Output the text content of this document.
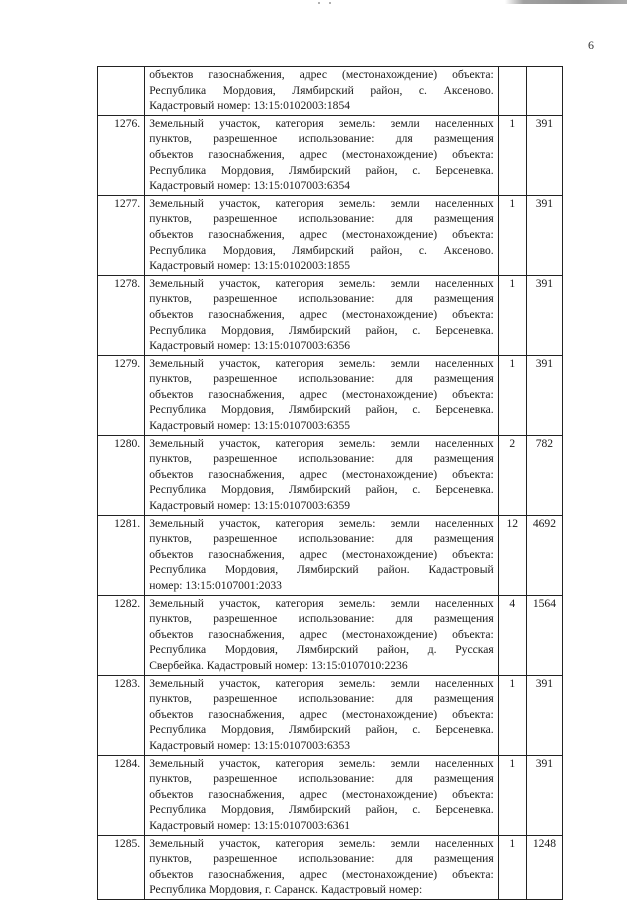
6

	объектов газоснабжения, адрес (местонахождение) объекта:
Республика Мордовия, Лямбирский район, с. Аксеново.
Кадастровый номер: 13:15:0102003:1854		

1276.	Земельный участок, категория земель: земли населенных
пунктов, разрешенное использование: для размещения
объектов газоснабжения, адрес (местонахождение) объекта:
Республика Мордовия, Лямбирский район, с. Берсеневка.
Кадастровый номер: 13:15:0107003:6354	1	391
1277.	Земельный участок, категория земель: земли населенных
пунктов, разрешенное использование: для размещения
объектов газоснабжения, адрес (местонахождение) объекта:
Республика Мордовия, Лямбирский район, с. Аксеново.
Кадастровый номер: 13:15:0102003:1855	1	391
1278.	Земельный участок, категория земель: земли населенных
пунктов, разрешенное использование: для размещения
объектов газоснабжения, адрес (местонахождение) объекта:
Республика Мордовия, Лямбирский район, с. Берсеневка.
Кадастровый номер: 13:15:0107003:6356	1	391
1279.	Земельный участок, категория земель: земли населенных
пунктов, разрешенное использование: для размещения
объектов газоснабжения, адрес (местонахождение) объекта:
Республика Мордовия, Лямбирский район, с. Берсеневка.
Кадастровый номер: 13:15:0107003:6355	1	391
1280.	Земельный участок, категория земель: земли населенных
пунктов, разрешенное использование: для размещения
объектов газоснабжения, адрес (местонахождение) объекта:
Республика Мордовия, Лямбирский район, с. Берсеневка.
Кадастровый номер: 13:15:0107003:6359	2	782
1281.	Земельный участок, категория земель: земли населенных
пунктов, разрешенное использование: для размещения
объектов газоснабжения, адрес (местонахождение) объекта:
Республика Мордовия, Лямбирский район. Кадастровый
номер: 13:15:0107001:2033	12	4692
1282.	Земельный участок, категория земель: земли населенных
пунктов, разрешенное использование: для размещения
объектов газоснабжения, адрес (местонахождение) объекта:
Республика Мордовия, Лямбирский район, д. Русская
Свербейка. Кадастровый номер: 13:15:0107010:2236	4	1564
1283.	Земельный участок, категория земель: земли населенных
пунктов, разрешенное использование: для размещения
объектов газоснабжения, адрес (местонахождение) объекта:
Республика Мордовия, Лямбирский район, с. Берсеневка.
Кадастровый номер: 13:15:0107003:6353	1	391
1284.	Земельный участок, категория земель: земли населенных
пунктов, разрешенное использование: для размещения
объектов газоснабжения, адрес (местонахождение) объекта:
Республика Мордовия, Лямбирский район, с. Берсеневка.
Кадастровый номер: 13:15:0107003:6361	1	391
1285.	Земельный участок, категория земель: земли населенных
пунктов, разрешенное использование: для размещения
объектов газоснабжения, адрес (местонахождение) объекта:
Республика Мордовия, г. Саранск. Кадастровый номер:	1	1248
